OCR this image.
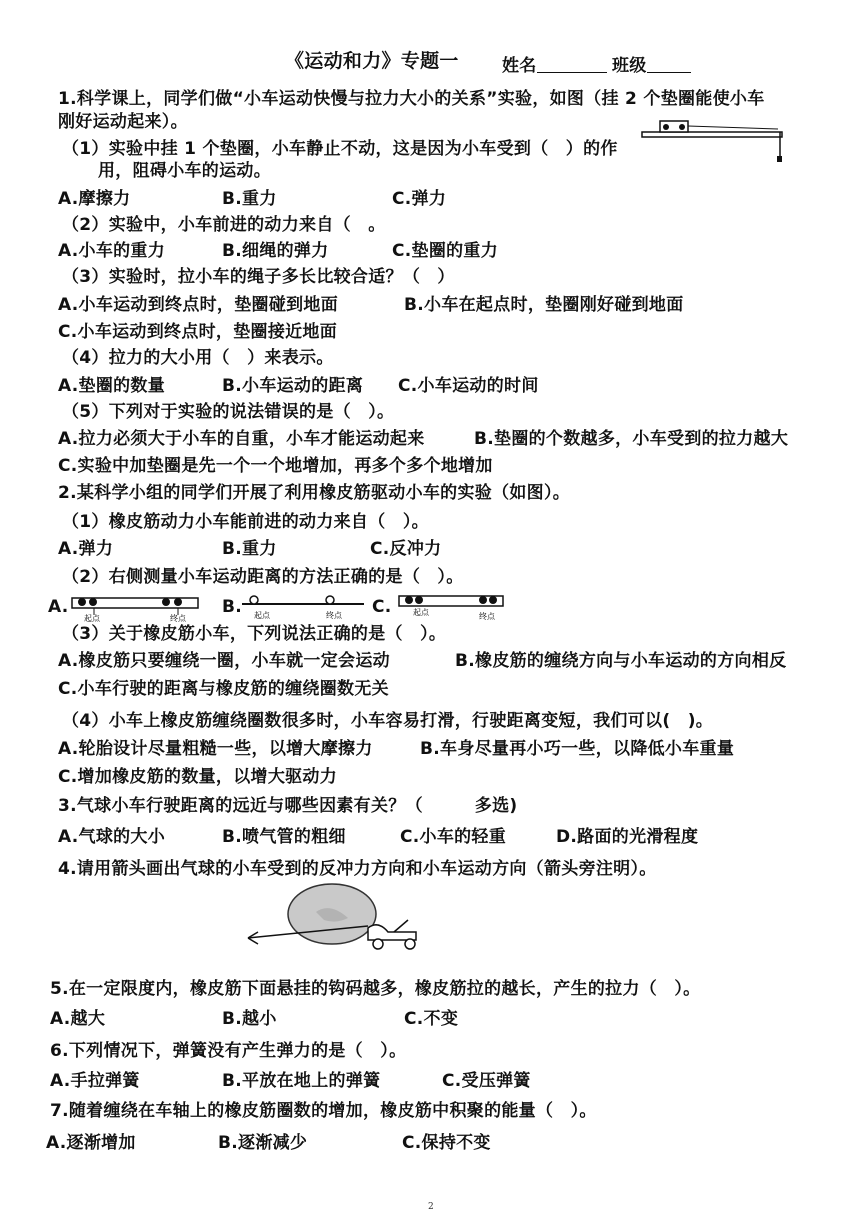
《运动和力》专题一	姓名	班级
1.科学课上，同学们做“小车运动快慢与拉力大小的关系”实验，如图（挂 2 个垫圈能使小车
刚好运动起来）。
（1）实验中挂 1 个垫圈，小车静止不动，这是因为小车受到（　）的作
用，阻碍小车的运动。
A.摩擦力	B.重力	C.弹力
（2）实验中，小车前进的动力来自（　。
A.小车的重力	B.细绳的弹力	C.垫圈的重力
（3）实验时，拉小车的绳子多长比较合适？（　）
A.小车运动到终点时，垫圈碰到地面	B.小车在起点时，垫圈刚好碰到地面
C.小车运动到终点时，垫圈接近地面
（4）拉力的大小用（　）来表示。
A.垫圈的数量	B.小车运动的距离 C.小车运动的时间
（5）下列对于实验的说法错误的是（　）。
A.拉力必须大于小车的自重，小车才能运动起来	B.垫圈的个数越多，小车受到的拉力越大
C.实验中加垫圈是先一个一个地增加，再多个多个地增加
2.某科学小组的同学们开展了利用橡皮筋驱动小车的实验（如图）。
（1）橡皮筋动力小车能前进的动力来自（　）。
A.弹力	B.重力	C.反冲力
（2）右侧测量小车运动距离的方法正确的是（　）。
A.
起点	终点
B. 起点	终点 C.	起点	终点
（3）关于橡皮筋小车，下列说法正确的是（　）。
A.橡皮筋只要缠绕一圈，小车就一定会运动	B.橡皮筋的缠绕方向与小车运动的方向相反
C.小车行驶的距离与橡皮筋的缠绕圈数无关
（4）小车上橡皮筋缠绕圈数很多时，小车容易打滑，行驶距离变短，我们可以(　)。
A.轮胎设计尽量粗糙一些，以增大摩擦力	B.车身尽量再小巧一些，以降低小车重量
C.增加橡皮筋的数量，以增大驱动力
3.气球小车行驶距离的远近与哪些因素有关？（　　　多选)
A.气球的大小	B.喷气管的粗细	C.小车的轻重	D.路面的光滑程度
4.请用箭头画出气球的小车受到的反冲力方向和小车运动方向（箭头旁注明）。
5.在一定限度内，橡皮筋下面悬挂的钩码越多，橡皮筋拉的越长，产生的拉力（　）。
A.越大	B.越小	C.不变
6.下列情况下，弹簧没有产生弹力的是（　）。
A.手拉弹簧	B.平放在地上的弹簧	C.受压弹簧
7.随着缠绕在车轴上的橡皮筋圈数的增加，橡皮筋中积聚的能量（　）。
A.逐渐增加	B.逐渐减少	C.保持不变
2
